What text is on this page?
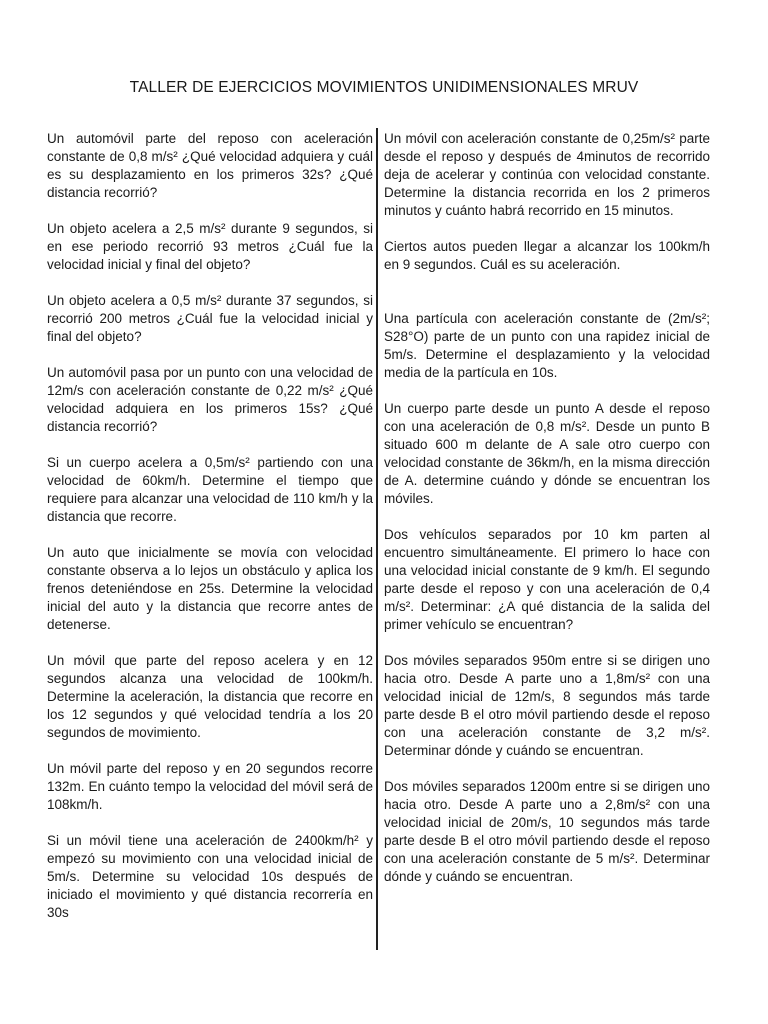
TALLER DE EJERCICIOS MOVIMIENTOS UNIDIMENSIONALES MRUV

Un automóvil parte del reposo con aceleración constante de 0,8 m/s² ¿Qué velocidad adquiera y cuál es su desplazamiento en los primeros 32s? ¿Qué distancia recorrió?

Un objeto acelera a 2,5 m/s² durante 9 segundos, si en ese periodo recorrió 93 metros ¿Cuál fue la velocidad inicial y final del objeto?

Un objeto acelera a 0,5 m/s² durante 37 segundos, si recorrió 200 metros ¿Cuál fue la velocidad inicial y final del objeto?

Un automóvil pasa por un punto con una velocidad de 12m/s con aceleración constante de 0,22 m/s² ¿Qué velocidad adquiera en los primeros 15s? ¿Qué distancia recorrió?

Si un cuerpo acelera a 0,5m/s² partiendo con una velocidad de 60km/h. Determine el tiempo que requiere para alcanzar una velocidad de 110 km/h y la distancia que recorre.

Un auto que inicialmente se movía con velocidad constante observa a lo lejos un obstáculo y aplica los frenos deteniéndose en 25s. Determine la velocidad inicial del auto y la distancia que recorre antes de detenerse.

Un móvil que parte del reposo acelera y en 12 segundos alcanza una velocidad de 100km/h. Determine la aceleración, la distancia que recorre en los 12 segundos y qué velocidad tendría a los 20 segundos de movimiento.

Un móvil parte del reposo y en 20 segundos recorre 132m. En cuánto tempo la velocidad del móvil será de 108km/h.

Si un móvil tiene una aceleración de 2400km/h² y empezó su movimiento con una velocidad inicial de 5m/s. Determine su velocidad 10s después de iniciado el movimiento y qué distancia recorrería en 30s

Un móvil con aceleración constante de 0,25m/s² parte desde el reposo y después de 4minutos de recorrido deja de acelerar y continúa con velocidad constante. Determine la distancia recorrida en los 2 primeros minutos y cuánto habrá recorrido en 15 minutos.

Ciertos autos pueden llegar a alcanzar los 100km/h en 9 segundos. Cuál es su aceleración.

Una partícula con aceleración constante de (2m/s²; S28°O) parte de un punto con una rapidez inicial de 5m/s. Determine el desplazamiento y la velocidad media de la partícula en 10s.

Un cuerpo parte desde un punto A desde el reposo con una aceleración de 0,8 m/s². Desde un punto B situado 600 m delante de A sale otro cuerpo con velocidad constante de 36km/h, en la misma dirección de A. determine cuándo y dónde se encuentran los móviles.

Dos vehículos separados por 10 km parten al encuentro simultáneamente. El primero lo hace con una velocidad inicial constante de 9 km/h. El segundo parte desde el reposo y con una aceleración de 0,4 m/s². Determinar: ¿A qué distancia de la salida del primer vehículo se encuentran?

Dos móviles separados 950m entre si se dirigen uno hacia otro. Desde A parte uno a 1,8m/s² con una velocidad inicial de 12m/s, 8 segundos más tarde parte desde B el otro móvil partiendo desde el reposo con una aceleración constante de 3,2 m/s². Determinar dónde y cuándo se encuentran.

Dos móviles separados 1200m entre si se dirigen uno hacia otro. Desde A parte uno a 2,8m/s² con una velocidad inicial de 20m/s, 10 segundos más tarde parte desde B el otro móvil partiendo desde el reposo con una aceleración constante de 5 m/s². Determinar dónde y cuándo se encuentran.
